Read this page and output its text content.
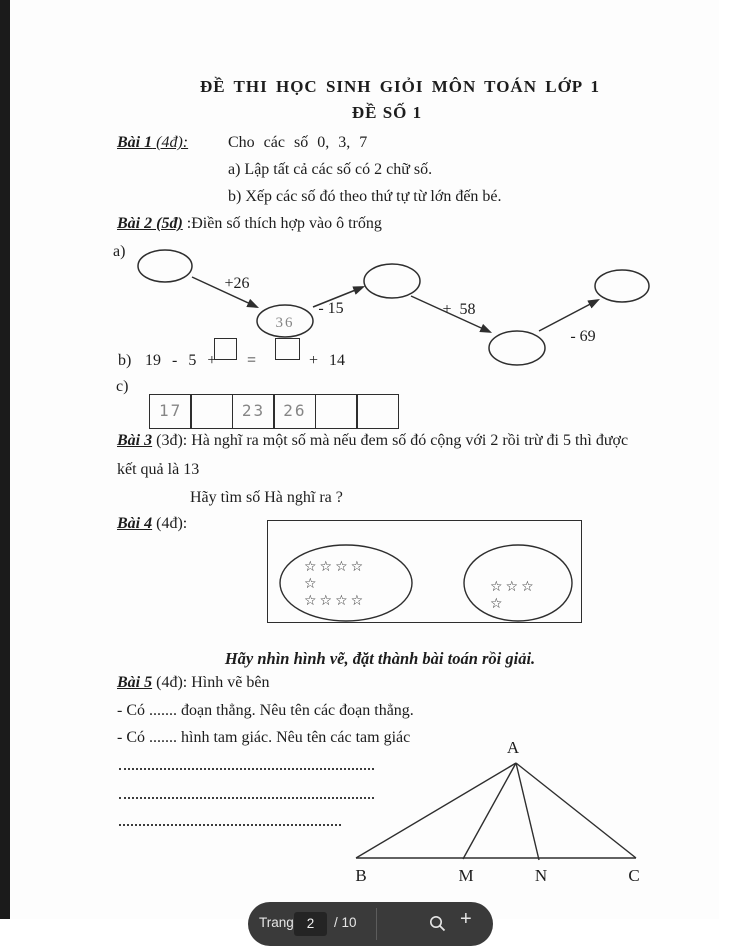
ĐỀ THI HỌC SINH GIỎI MÔN TOÁN LỚP 1
ĐỀ SỐ 1
Bài 1 (4đ): Cho các số 0, 3, 7
a) Lập tất cả các số có 2 chữ số.
b) Xếp các số đó theo thứ tự từ lớn đến bé.
Bài 2 (5đ) :Điền số thích hợp vào ô trống
a)
+26
- 15	+ 58
- 69
36
b) 19 - 5 + =	+ 14
c)
17	23	26
Bài 3 (3đ): Hà nghĩ ra một số mà nếu đem số đó cộng với 2 rồi trừ đi 5 thì được
kết quả là 13
Hãy tìm số Hà nghĩ ra ?
Bài 4 (4đ):
☆☆☆☆
☆
☆☆☆☆
☆☆☆
☆
Hãy nhìn hình vẽ, đặt thành bài toán rồi giải.
Bài 5 (4đ): Hình vẽ bên
- Có ....... đoạn thẳng. Nêu tên các đoạn thẳng.
- Có ....... hình tam giác. Nêu tên các tam giác
A
B	M	N	C
Trang 2	/ 10	+
